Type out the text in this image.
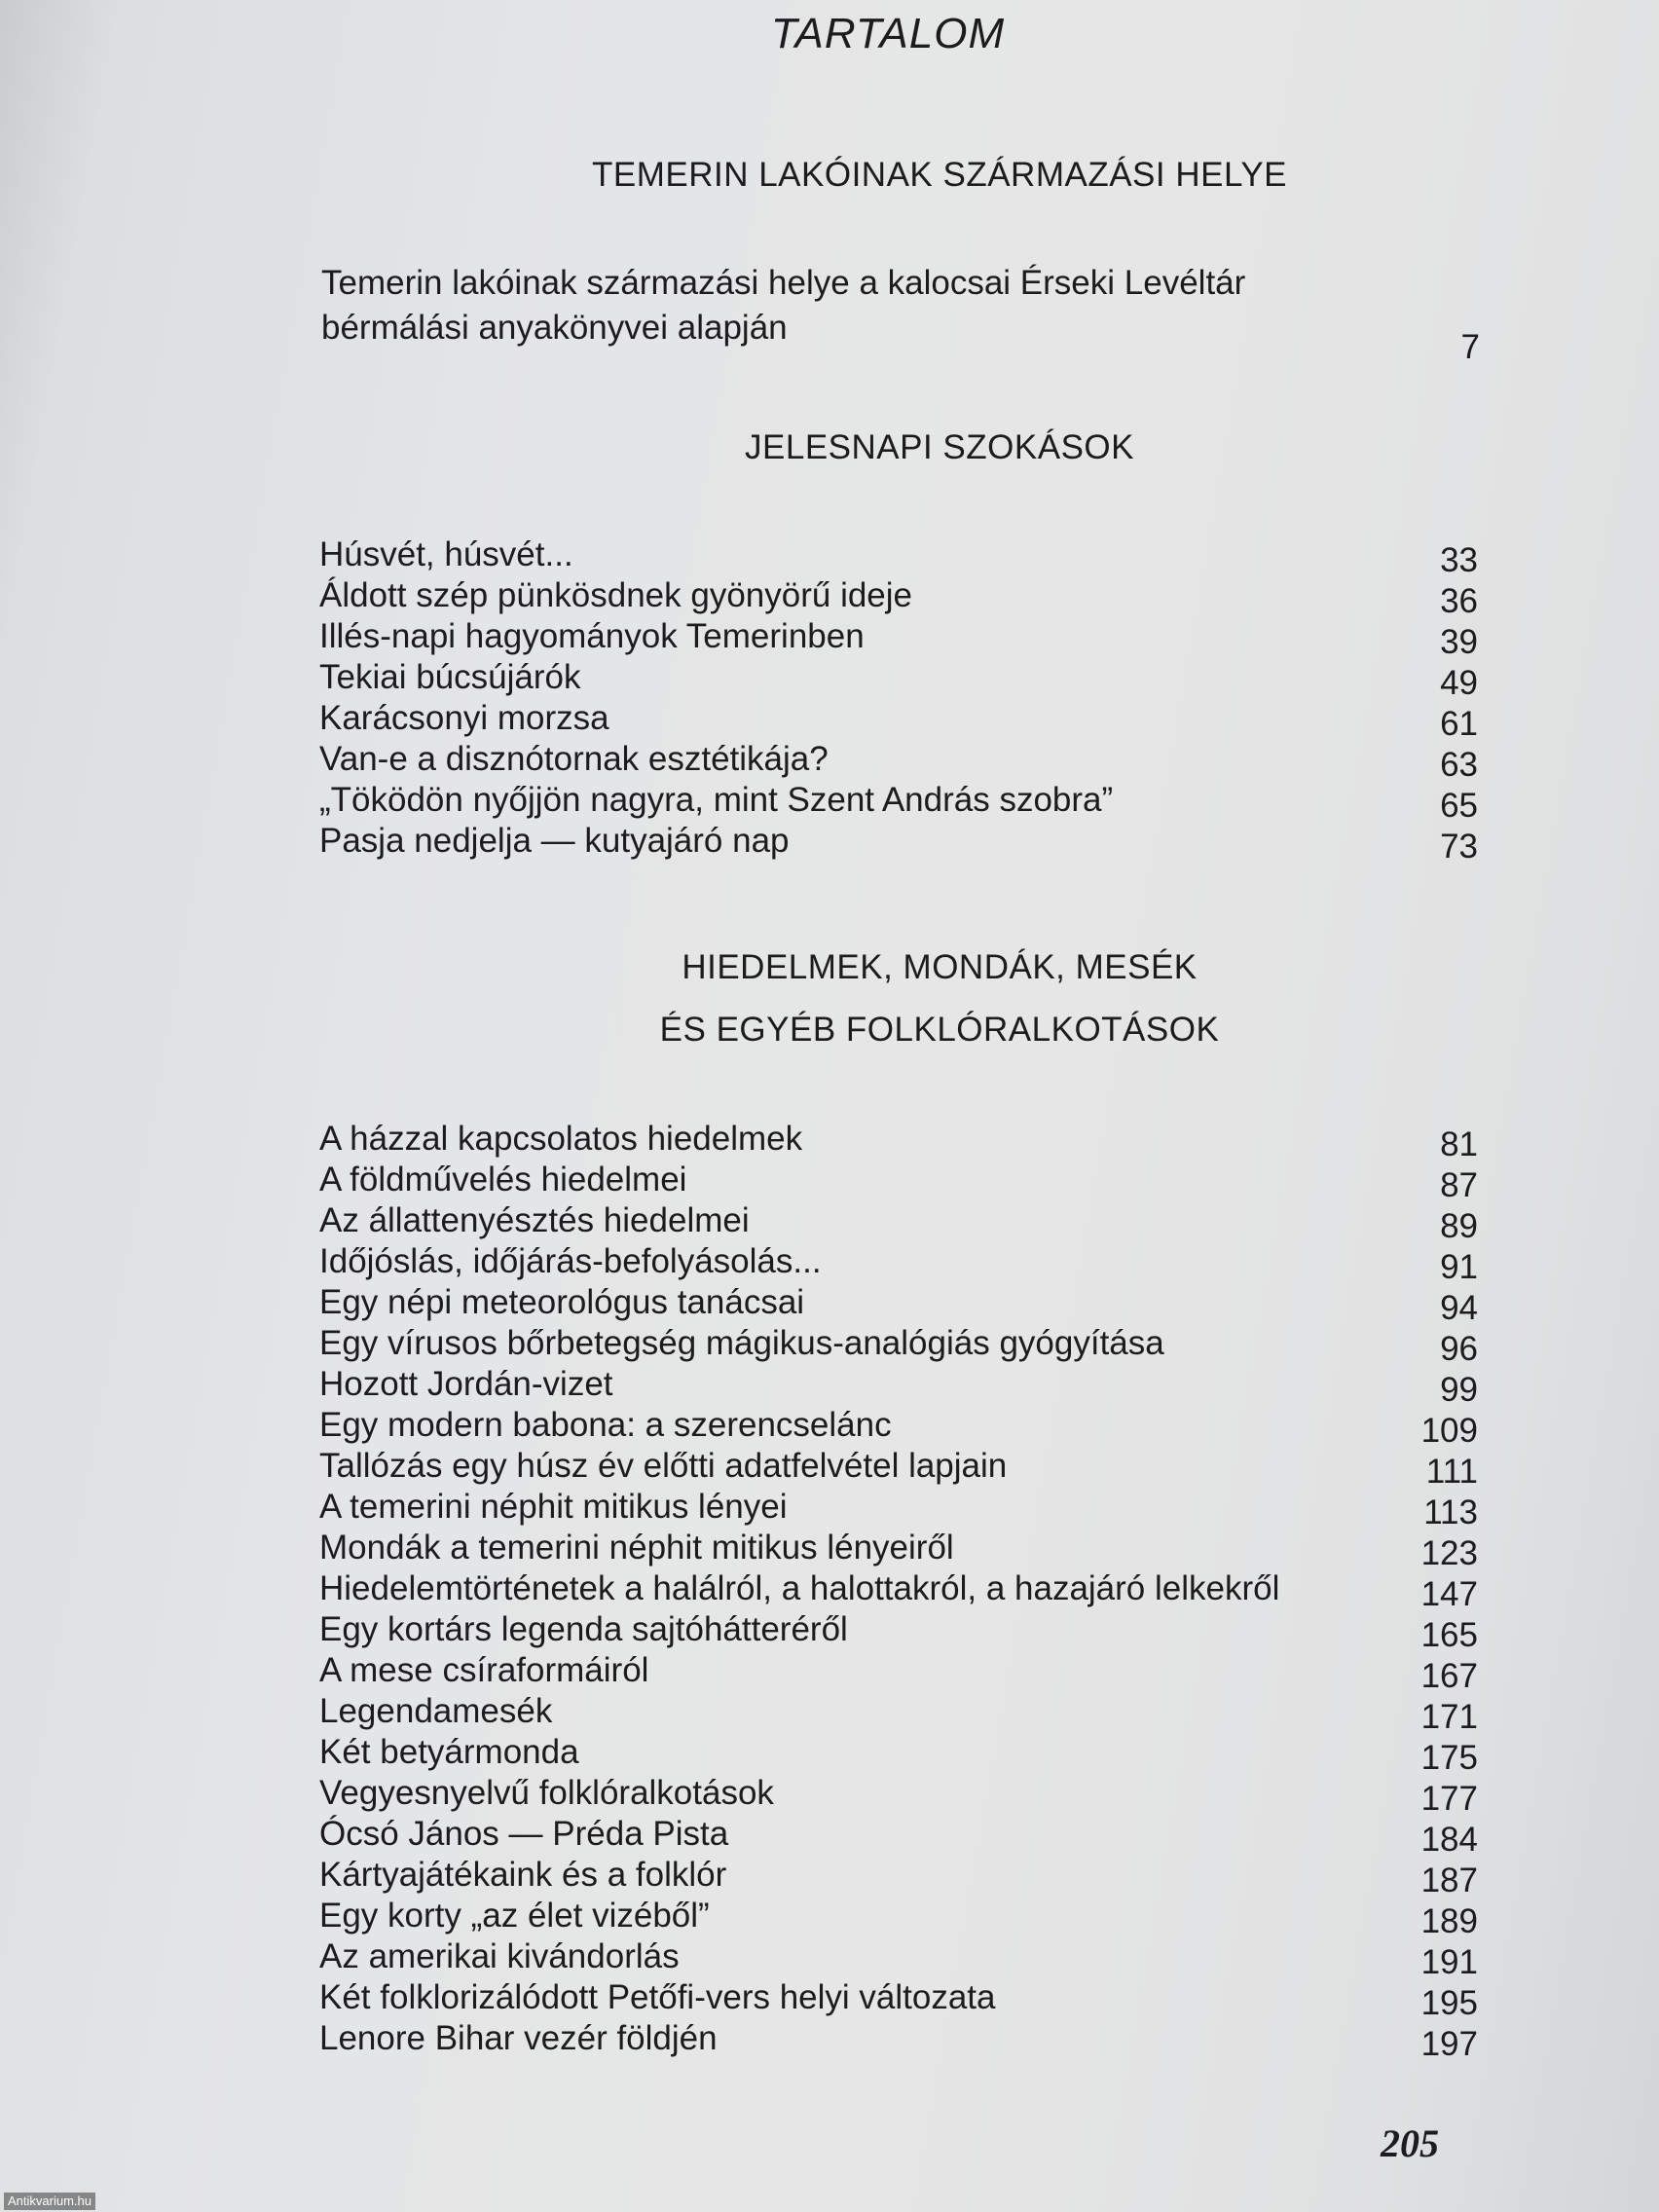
TARTALOM
TEMERIN LAKÓINAK SZÁRMAZÁSI HELYE
Temerin lakóinak származási helye a kalocsai Érseki Levéltár
bérmálási anyakönyvei alapján
7
JELESNAPI SZOKÁSOK
Húsvét, húsvét...	33
Áldott szép pünkösdnek gyönyörű ideje	36
Illés-napi hagyományok Temerinben	39
Tekiai búcsújárók	49
Karácsonyi morzsa	61
Van-e a disznótornak esztétikája?	63
„Töködön nyőjjön nagyra, mint Szent András szobra”	65
Pasja nedjelja — kutyajáró nap	73
HIEDELMEK, MONDÁK, MESÉK
ÉS EGYÉB FOLKLÓRALKOTÁSOK
A házzal kapcsolatos hiedelmek	81
A földművelés hiedelmei	87
Az állattenyésztés hiedelmei	89
Időjóslás, időjárás-befolyásolás...	91
Egy népi meteorológus tanácsai	94
Egy vírusos bőrbetegség mágikus-analógiás gyógyítása	96
Hozott Jordán-vizet	99
Egy modern babona: a szerencselánc	109
Tallózás egy húsz év előtti adatfelvétel lapjain	111
A temerini néphit mitikus lényei	113
Mondák a temerini néphit mitikus lényeiről	123
Hiedelemtörténetek a halálról, a halottakról, a hazajáró lelkekről	147
Egy kortárs legenda sajtóhátteréről	165
A mese csíraformáiról	167
Legendamesék	171
Két betyármonda	175
Vegyesnyelvű folklóralkotások	177
Ócsó János — Préda Pista	184
Kártyajátékaink és a folklór	187
Egy korty „az élet vizéből”	189
Az amerikai kivándorlás	191
Két folklorizálódott Petőfi-vers helyi változata	195
Lenore Bihar vezér földjén	197
205
Antikvarium.hu
